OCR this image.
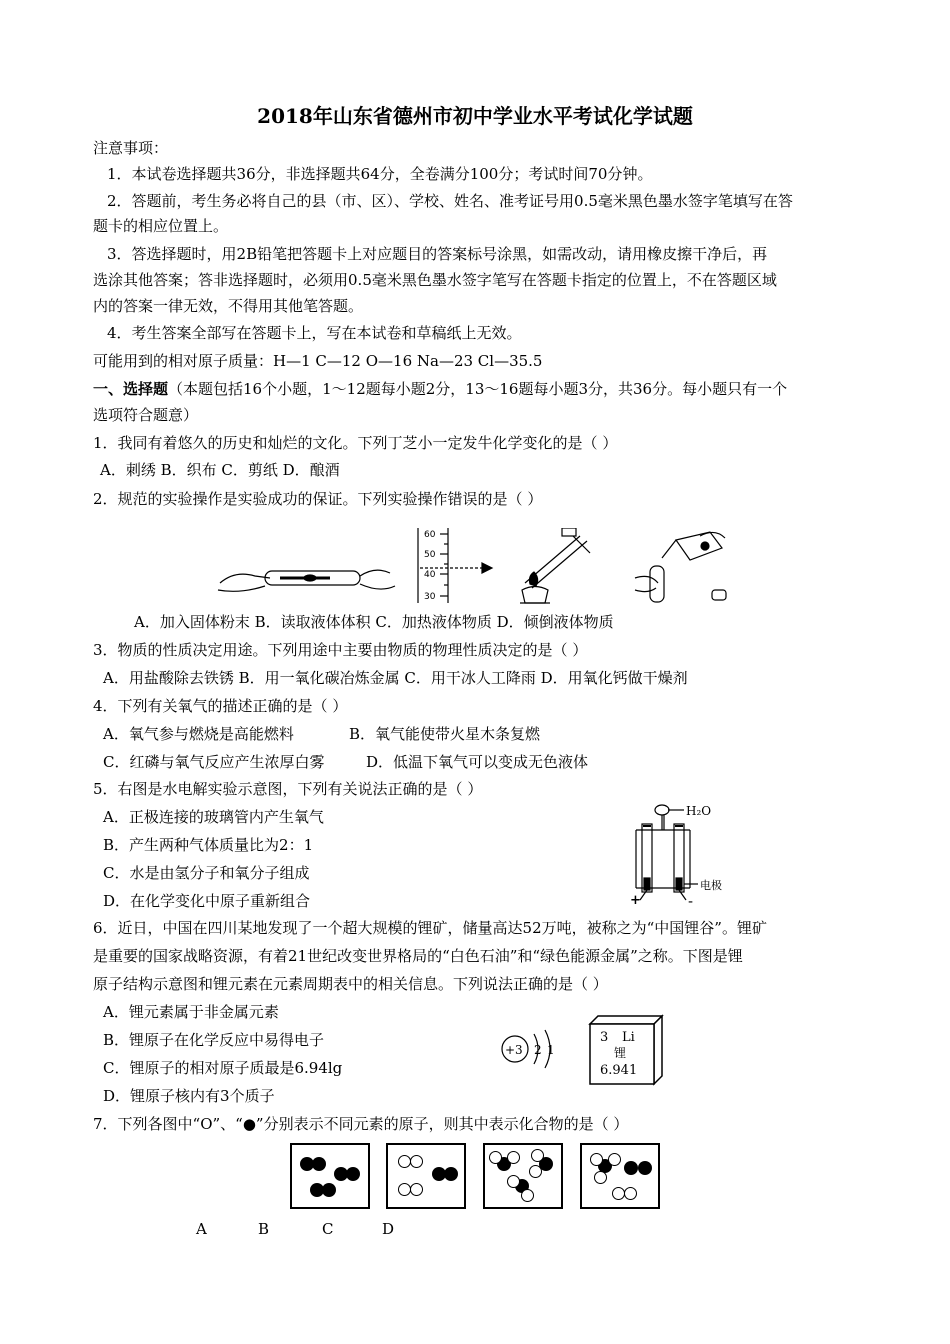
2018年山东省德州市初中学业水平考试化学试题
注意事项：
1．本试卷选择题共36分，非选择题共64分，全卷满分100分；考试时间70分钟。
2．答题前，考生务必将自己的县（市、区）、学校、姓名、准考证号用0.5毫米黑色墨水签字笔填写在答
题卡的相应位置上。
3．答选择题时，用2B铅笔把答题卡上对应题目的答案标号涂黑，如需改动，请用橡皮擦干净后，再
选涂其他答案；答非选择题时，必须用0.5毫米黑色墨水签字笔写在答题卡指定的位置上，不在答题区域
内的答案一律无效，不得用其他笔答题。
4．考生答案全部写在答题卡上，写在本试卷和草稿纸上无效。
可能用到的相对原子质量：H—1 C—12 O—16 Na—23 Cl—35.5
一、选择题（本题包括16个小题，1～12题每小题2分，13～16题每小题3分，共36分。每小题只有一个
选项符合题意）
1．我同有着悠久的历史和灿烂的文化。下列丁芝小一定发牛化学变化的是（ ）
A．刺绣 B．织布 C．剪纸 D．酿酒
2．规范的实验操作是实验成功的保证。下列实验操作错误的是（ ）
60
50
40
30
A．加入固体粉末 B．读取液体体积 C．加热液体物质 D．倾倒液体物质
3．物质的性质决定用途。下列用途中主要由物质的物理性质决定的是（ ）
A．用盐酸除去铁锈 B．用一氧化碳冶炼金属 C．用干冰人工降雨 D．用氧化钙做干燥剂
4．下列有关氧气的描述正确的是（ ）
A．氧气参与燃烧是高能燃料	B．氧气能使带火星木条复燃
C．红磷与氧气反应产生浓厚白雾	D．低温下氧气可以变成无色液体
5．右图是水电解实验示意图，下列有关说法正确的是（ ）
A．正极连接的玻璃管内产生氧气
B．产生两种气体质量比为2：1
C．水是由氢分子和氧分子组成
D．在化学变化中原子重新组合
H₂O
电极
+	-
6．近日，中国在四川某地发现了一个超大规模的锂矿，储量高达52万吨，被称之为“中国锂谷”。锂矿
是重要的国家战略资源，有着21世纪改变世界格局的“白色石油”和“绿色能源金属”之称。下图是锂
原子结构示意图和锂元素在元素周期表中的相关信息。下列说法正确的是（ ）
A．锂元素属于非金属元素
B．锂原子在化学反应中易得电子
C．锂原子的相对原子质最是6.94lg
D．锂原子核内有3个质子
+3 2 1
3 Li
锂
6.941
7．下列各图中“O”、“●”分别表示不同元素的原子，则其中表示化合物的是（ ）
A	B	C	D
